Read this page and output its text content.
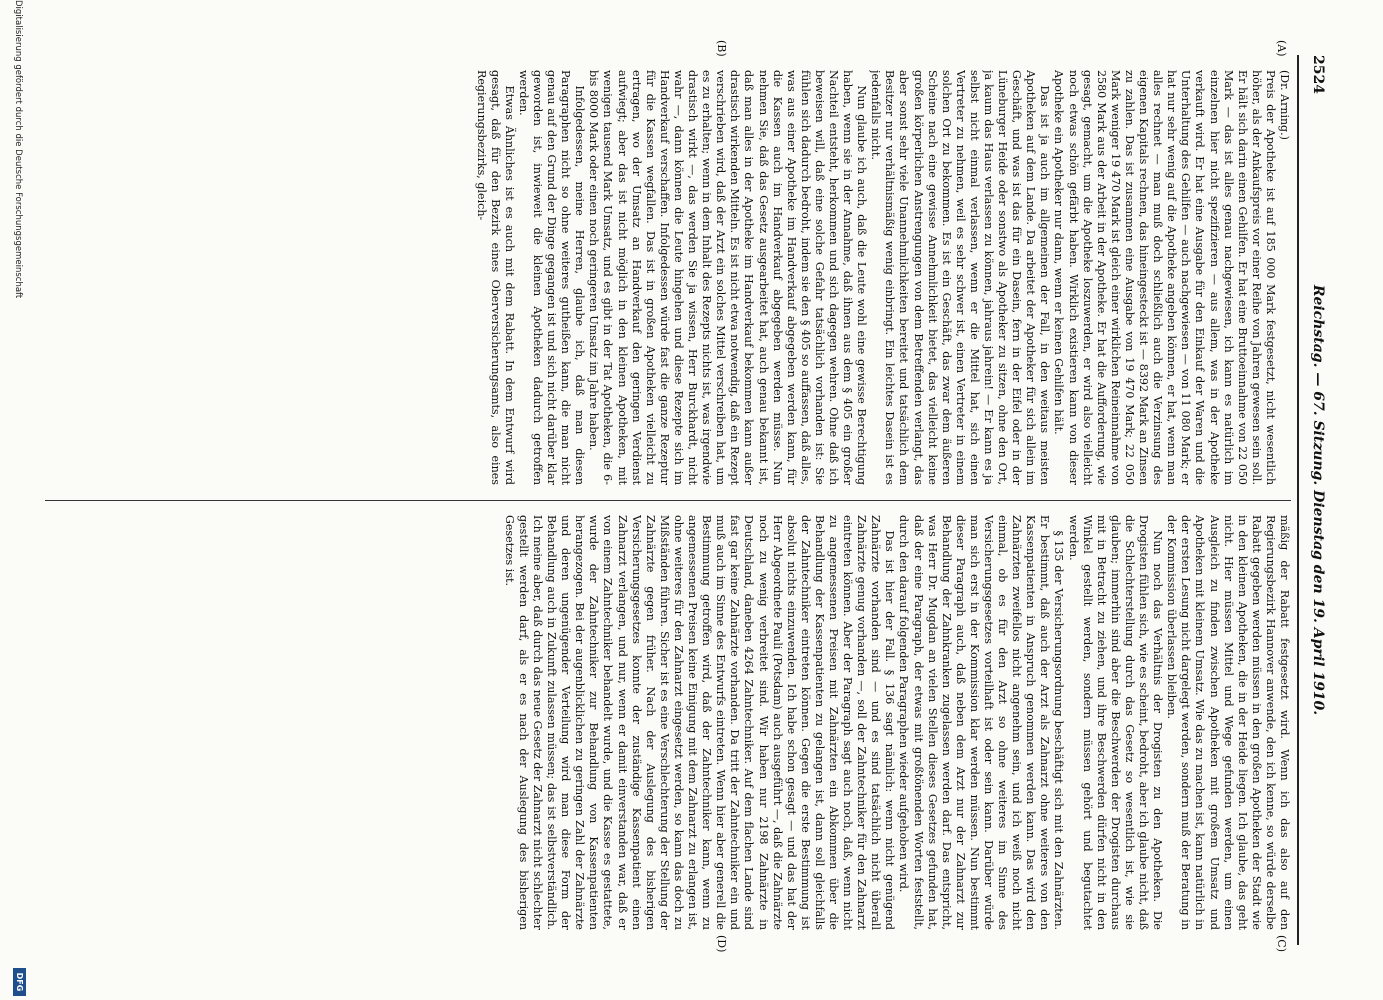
2524
Reichstag. — 67. Sitzung. Dienstag den 19. April 1910.
(A)
(B)
(C)
(D)

(Dr. Arning.)

Preis der Apotheke ist auf 185 000 Mark festgesetzt, nicht wesentlich höher, als der Ankaufspreis vor einer Reihe von Jahren gewesen sein soll. Er hält sich darin einen Gehilfen. Er hat eine Bruttoeinnahme von 22 050 Mark — das ist alles genau nachgewiesen, ich kann es natürlich im einzelnen hier nicht spezifizieren — aus allem, was in der Apotheke verkauft wird. Er hat eine Ausgabe für den Einkauf der Waren und die Unterhaltung des Gehilfen — auch nachgewiesen — von 11 080 Mark; er hat nur sehr wenig auf die Apotheke angeben können, er hat, wenn man alles rechnet — man muß doch schließlich auch die Verzinsung des eigenen Kapitals rechnen, das hineingesteckt ist — 8392 Mark an Zinsen zu zahlen. Das ist zusammen eine Ausgabe von 19 470 Mark; 22 050 Mark weniger 19 470 Mark ist gleich einer wirklichen Reineinnahme von 2580 Mark aus der Arbeit in der Apotheke. Er hat die Aufforderung, wie gesagt, gemacht, um die Apotheke loszuwerden, er wird also vielleicht noch etwas schön gefärbt haben. Wirklich existieren kann von dieser Apotheke ein Apotheker nur dann, wenn er keinen Gehilfen hält.

Das ist ja auch im allgemeinen der Fall, in den weitaus meisten Apotheken auf dem Lande. Da arbeitet der Apotheker für sich allein im Geschäft, und was ist das für ein Dasein, fern in der Eifel oder in der Lüneburger Heide oder sonstwo als Apotheker zu sitzen, ohne den Ort, ja kaum das Haus verlassen zu können, jahraus jahrein! — Er kann es ja selbst nicht einmal verlassen, wenn er die Mittel hat, sich einen Vertreter zu nehmen, weil es sehr schwer ist, einen Vertreter in einem solchen Ort zu bekommen. Es ist ein Geschäft, das zwar dem äußeren Scheine nach eine gewisse Annehmlichkeit bietet, das vielleicht keine großen körperlichen Anstrengungen von dem Betreffenden verlangt, das aber sonst sehr viele Unannehmlichkeiten bereitet und tatsächlich dem Besitzer nur verhältnismäßig wenig einbringt. Ein leichtes Dasein ist es jedenfalls nicht.

Nun glaube ich auch, daß die Leute wohl eine gewisse Berechtigung haben, wenn sie in der Annahme, daß ihnen aus dem § 405 ein großer Nachteil entsteht, herkommen und sich dagegen wehren. Ohne daß ich beweisen will, daß eine solche Gefahr tatsächlich vorhanden ist: Sie fühlen sich dadurch bedroht, indem sie den § 405 so auffassen, daß alles, was aus einer Apotheke im Handverkauf abgegeben werden kann, für die Kassen auch im Handverkauf abgegeben werden müsse. Nun nehmen Sie, daß das Gesetz ausgearbeitet hat, auch genau bekannt ist, daß man alles in der Apotheke im Handverkauf bekommen kann außer drastisch wirkenden Mitteln. Es ist nicht etwa notwendig, daß ein Rezept verschrieben wird, daß der Arzt ein solches Mittel verschreiben hat, um es zu erhalten; wenn in dem Inhalt des Rezepts nichts ist, was irgendwie drastisch wirkt —, das werden Sie ja wissen, Herr Burckhardt, nicht wahr —, dann können die Leute hingehen und diese Rezepte sich im Handverkauf verschaffen. Infolgedessen würde fast die ganze Rezeptur für die Kassen wegfallen. Das ist in großen Apotheken vielleicht zu ertragen, wo der Umsatz an Handverkauf den geringen Verdienst aufwiegt; aber das ist nicht möglich in den kleinen Apotheken, mit wenigen tausend Mark Umsatz, und es gibt in der Tat Apotheken, die 6- bis 8000 Mark oder einen noch geringeren Umsatz im Jahre haben.

Infolgedessen, meine Herren, glaube ich, daß man diesen Paragraphen nicht so ohne weiteres gutheißen kann, die man nicht genau auf den Grund der Dinge gegangen ist und sich nicht darüber klar geworden ist, inwieweit die kleinen Apotheken dadurch getroffen werden.

Etwas Ähnliches ist es auch mit dem Rabatt. In dem Entwurf wird gesagt, daß für den Bezirk eines Oberversicherungsamts, also eines Regierungsbezirks, gleich-

mäßig der Rabatt festgesetzt wird. Wenn ich das also auf den Regierungsbezirk Hannover anwende, den ich kenne, so würde derselbe Rabatt gegeben werden müssen in den großen Apotheken der Stadt wie in den kleinen Apotheken, die in der Heide liegen. Ich glaube, das geht nicht. Hier müssen Mittel und Wege gefunden werden, um einen Ausgleich zu finden zwischen Apotheken mit großem Umsatz und Apotheken mit kleinem Umsatz. Wie das zu machen ist, kann natürlich in der ersten Lesung nicht dargelegt werden, sondern muß der Beratung in der Kommission überlassen bleiben.

Nun noch das Verhältnis der Drogisten zu den Apotheken. Die Drogisten fühlen sich, wie es scheint, bedroht, aber ich glaube nicht, daß die Schlechterstellung durch das Gesetz so wesentlich ist, wie sie glauben; immerhin sind aber die Beschwerden der Drogisten durchaus mit in Betracht zu ziehen, und ihre Beschwerden dürfen nicht in den Winkel gestellt werden, sondern müssen gehört und begutachtet werden.

§ 135 der Versicherungsordnung beschäftigt sich mit den Zahnärzten. Er bestimmt, daß auch der Arzt als Zahnarzt ohne weiteres von den Kassenpatienten in Anspruch genommen werden kann. Das wird den Zahnärzten zweifellos nicht angenehm sein, und ich weiß noch nicht einmal, ob es für den Arzt so ohne weiteres im Sinne des Versicherungsgesetzes vorteilhaft ist oder sein kann. Darüber würde man sich erst in der Kommission klar werden müssen. Nun bestimmt dieser Paragraph auch, daß neben dem Arzt nur der Zahnarzt zur Behandlung der Zahnkranken zugelassen werden darf. Das entspricht, was Herr Dr. Mugdan an vielen Stellen dieses Gesetzes gefunden hat, daß der eine Paragraph, der etwas mit großtönenden Worten feststellt, durch den darauf folgenden Paragraphen wieder aufgehoben wird.

Das ist hier der Fall. § 136 sagt nämlich: wenn nicht genügend Zahnärzte vorhanden sind — und es sind tatsächlich nicht überall Zahnärzte genug vorhanden —, soll der Zahntechniker für den Zahnarzt eintreten können. Aber der Paragraph sagt auch noch, daß, wenn nicht zu angemessenen Preisen mit Zahnärzten ein Abkommen über die Behandlung der Kassenpatienten zu gelangen ist, dann soll gleichfalls der Zahntechniker eintreten können. Gegen die erste Bestimmung ist absolut nichts einzuwenden. Ich habe schon gesagt — und das hat der Herr Abgeordnete Pauli (Potsdam) auch ausgeführt —, daß die Zahnärzte noch zu wenig verbreitet sind. Wir haben nur 2198 Zahnärzte in Deutschland, daneben 4264 Zahntechniker. Auf dem flachen Lande sind fast gar keine Zahnärzte vorhanden. Da tritt der Zahntechniker ein und muß auch im Sinne des Entwurfs eintreten. Wenn hier aber generell die Bestimmung getroffen wird, daß der Zahntechniker kann, wenn zu angemessenen Preisen keine Einigung mit dem Zahnarzt zu erlangen ist, ohne weiteres für den Zahnarzt eingesetzt werden, so kann das doch zu Mißständen führen. Sicher ist es eine Verschlechterung der Stellung der Zahnärzte gegen früher. Nach der Auslegung des bisherigen Versicherungsgesetzes konnte der zuständige Kassenpatient einen Zahnarzt verlangen, und nur, wenn er damit einverstanden war, daß er von einem Zahntechniker behandelt wurde, und die Kasse es gestattete, wurde der Zahntechniker zur Behandlung von Kassenpatienten herangezogen. Bei der augenblicklichen zu geringen Zahl der Zahnärzte und deren ungenügender Verteilung wird man diese Form der Behandlung auch in Zukunft zulassen müssen; das ist selbstverständlich. Ich meine aber, daß durch das neue Gesetz der Zahnarzt nicht schlechter gestellt werden darf, als er es nach der Auslegung des bisherigen Gesetzes ist.

Digitalisierung gefördert durch die Deutsche Forschungsgemeinschaft
DFG
